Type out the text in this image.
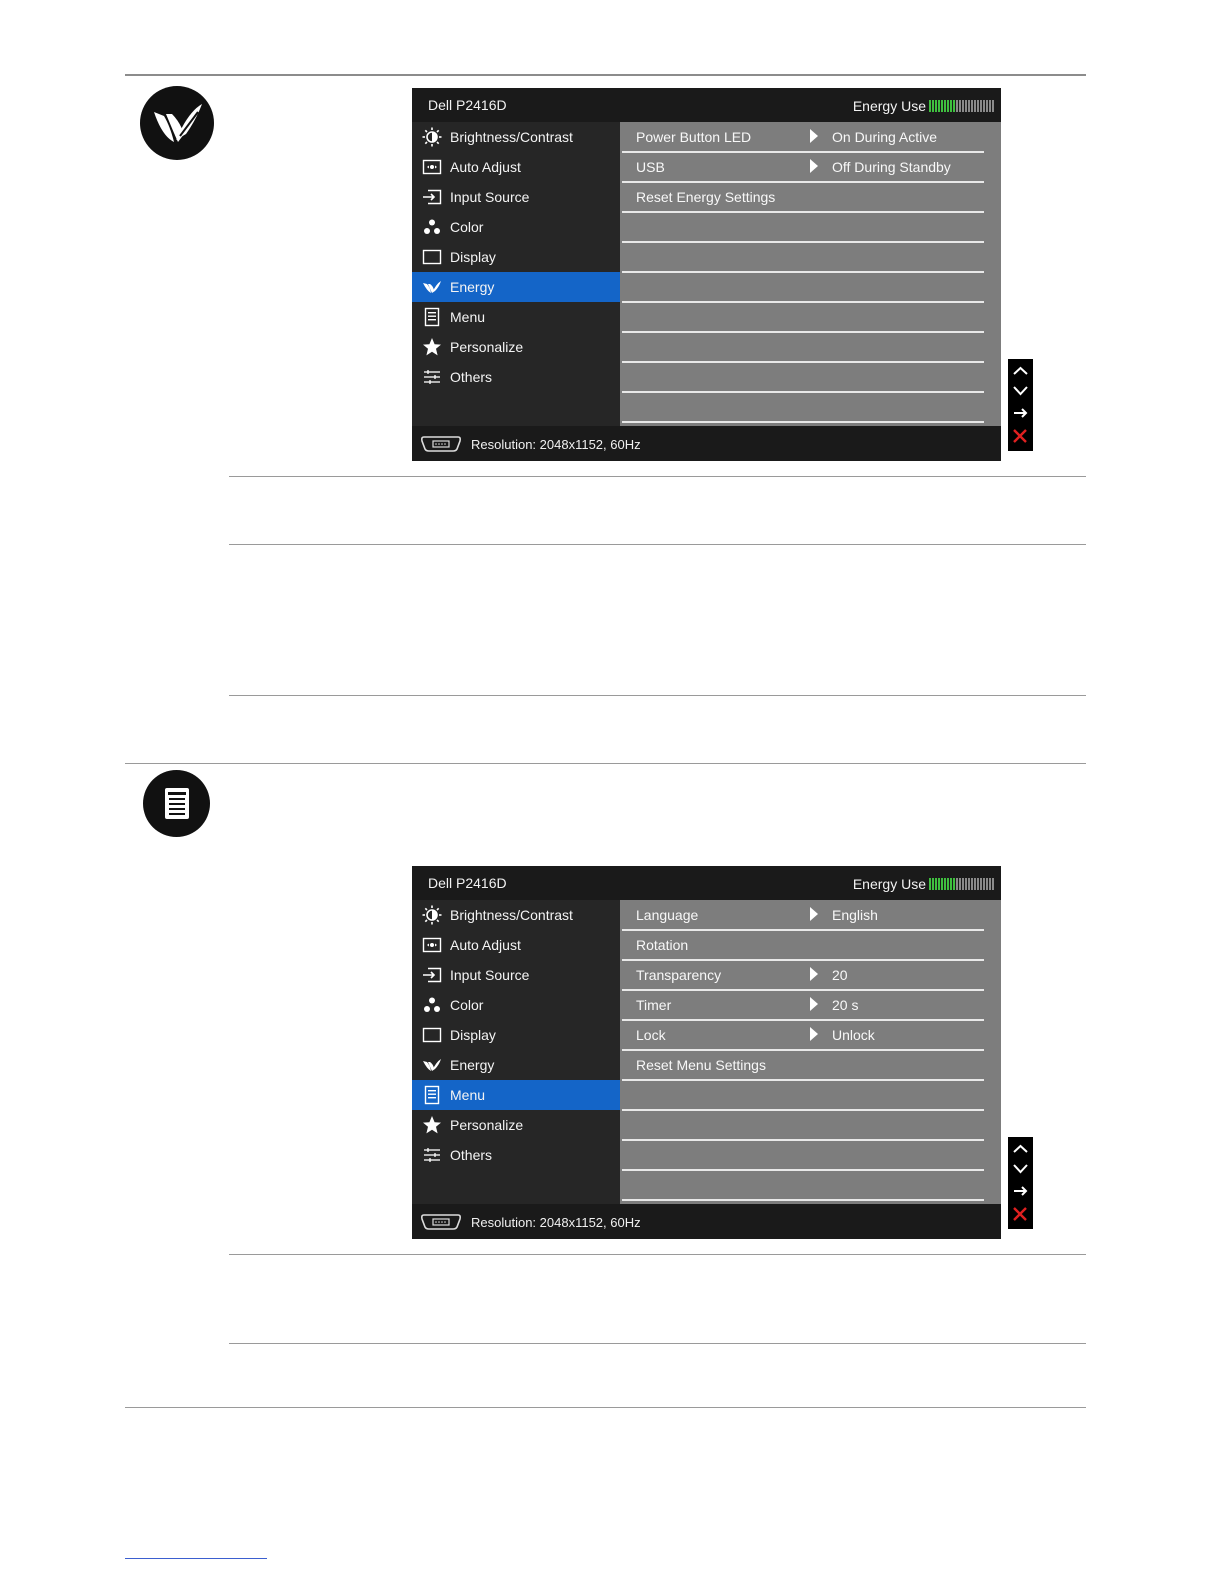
Dell P2416D	Energy Use
Brightness/Contrast
Auto Adjust
Input Source
Color
Display
Energy
Menu
Personalize
Others
Power Button LED	On During Active
USB	Off During Standby
Reset Energy Settings
Resolution: 2048x1152, 60Hz
Dell P2416D	Energy Use
Brightness/Contrast
Auto Adjust
Input Source
Color
Display
Energy
Menu
Personalize
Others
Language	English
Rotation
Transparency	20
Timer	20 s
Lock	Unlock
Reset Menu Settings
Resolution: 2048x1152, 60Hz
